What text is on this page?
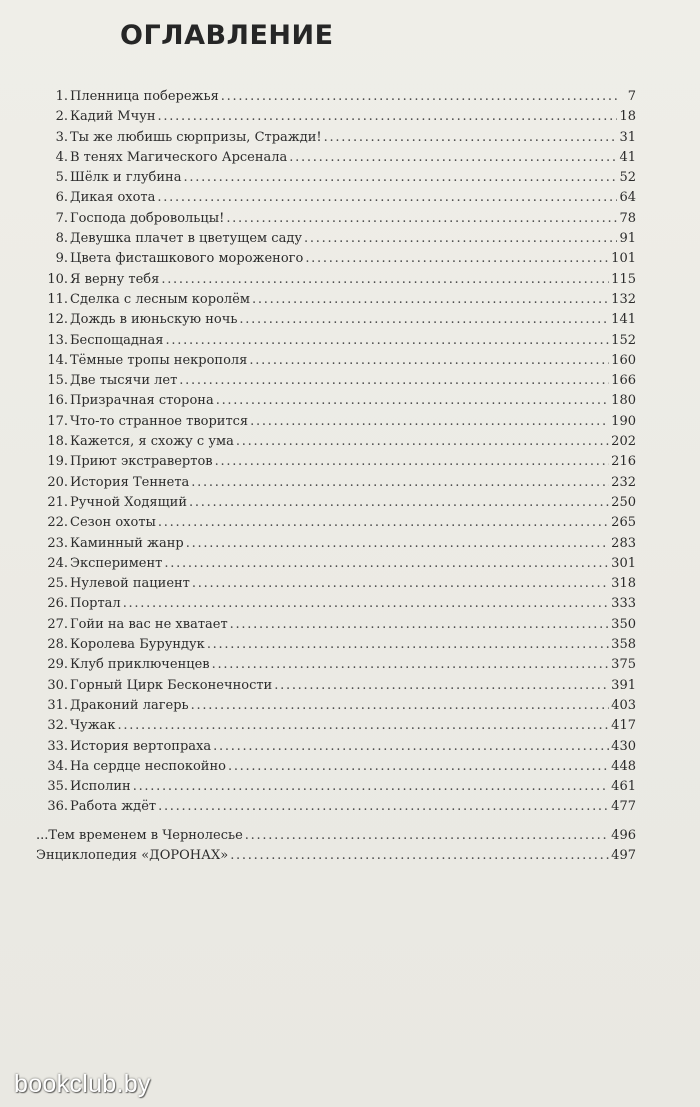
ОГЛАВЛЕНИЕ
1. Пленница побережья . . .	7
2. Кадий Мчун . . .	18
3. Ты же любишь сюрпризы, Стражди! . . .	31
4. В тенях Магического Арсенала . . .	41
5. Шёлк и глубина . . .	52
6. Дикая охота . . .	64
7. Господа добровольцы! . . .	78
8. Девушка плачет в цветущем саду . . .	91
9. Цвета фисташкового мороженого . . .	101
10. Я верну тебя . . .	115
11. Сделка с лесным королём . . .	132
12. Дождь в июньскую ночь . . .	141
13. Беспощадная . . .	152
14. Тёмные тропы некрополя . . .	160
15. Две тысячи лет . . .	166
16. Призрачная сторона . . .	180
17. Что-то странное творится . . .	190
18. Кажется, я схожу с ума . . .	202
19. Приют экстравертов . . .	216
20. История Теннета . . .	232
21. Ручной Ходящий . . .	250
22. Сезон охоты . . .	265
23. Каминный жанр . . .	283
24. Эксперимент . . .	301
25. Нулевой пациент . . .	318
26. Портал . . .	333
27. Гойи на вас не хватает . . .	350
28. Королева Бурундук . . .	358
29. Клуб приключенцев . . .	375
30. Горный Цирк Бесконечности . . .	391
31. Драконий лагерь . . .	403
32. Чужак . . .	417
33. История вертопраха . . .	430
34. На сердце неспокойно . . .	448
35. Исполин . . .	461
36. Работа ждёт . . .	477
...Тем временем в Чернолесье . . .	496
Энциклопедия «ДОРОНАХ» . . .	497
bookclub.by
